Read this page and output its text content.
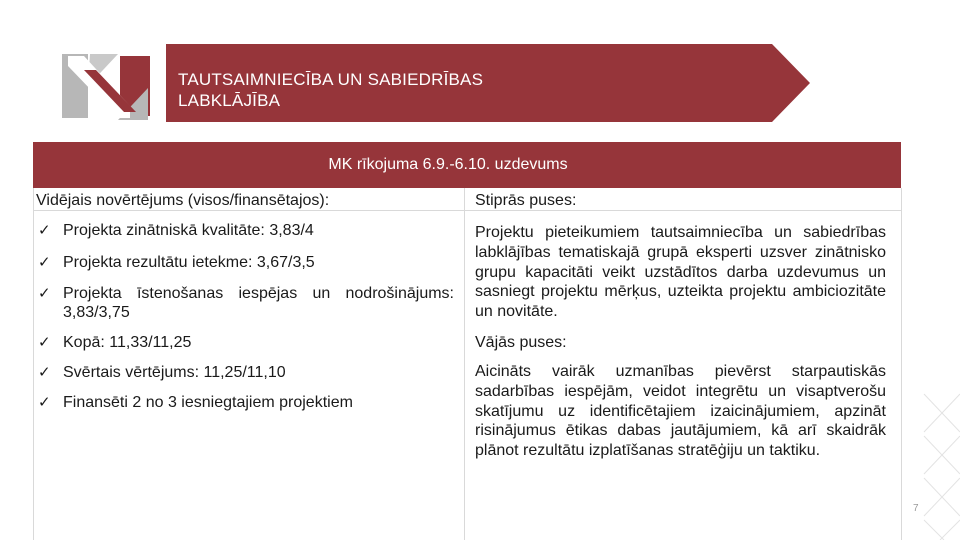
TAUTSAIMNIECĪBA UN SABIEDRĪBAS
LABKLĀJĪBA
MK rīkojuma 6.9.-6.10. uzdevums
Vidējais novērtējums (visos/finansētajos):
✓ Projekta zinātniskā kvalitāte: 3,83/4
✓ Projekta rezultātu ietekme: 3,67/3,5
✓ Projekta īstenošanas iespējas un nodrošinājums: 3,83/3,75
✓ Kopā: 11,33/11,25
✓ Svērtais vērtējums: 11,25/11,10
✓ Finansēti 2 no 3 iesniegtajiem projektiem
Stiprās puses:

Projektu pieteikumiem tautsaimniecība un sabiedrības labklājības tematiskajā grupā eksperti uzsver zinātnisko grupu kapacitāti veikt uzstādītos darba uzdevumus un sasniegt projektu mērķus, uzteikta projektu ambiciozitāte un novitāte.

Vājās puses:

Aicināts vairāk uzmanības pievērst starpautiskās sadarbības iespējām, veidot integrētu un visaptverošu skatījumu uz identificētajiem izaicinājumiem, apzināt risinājumus ētikas dabas jautājumiem, kā arī skaidrāk plānot rezultātu izplatīšanas stratēģiju un taktiku.

7
